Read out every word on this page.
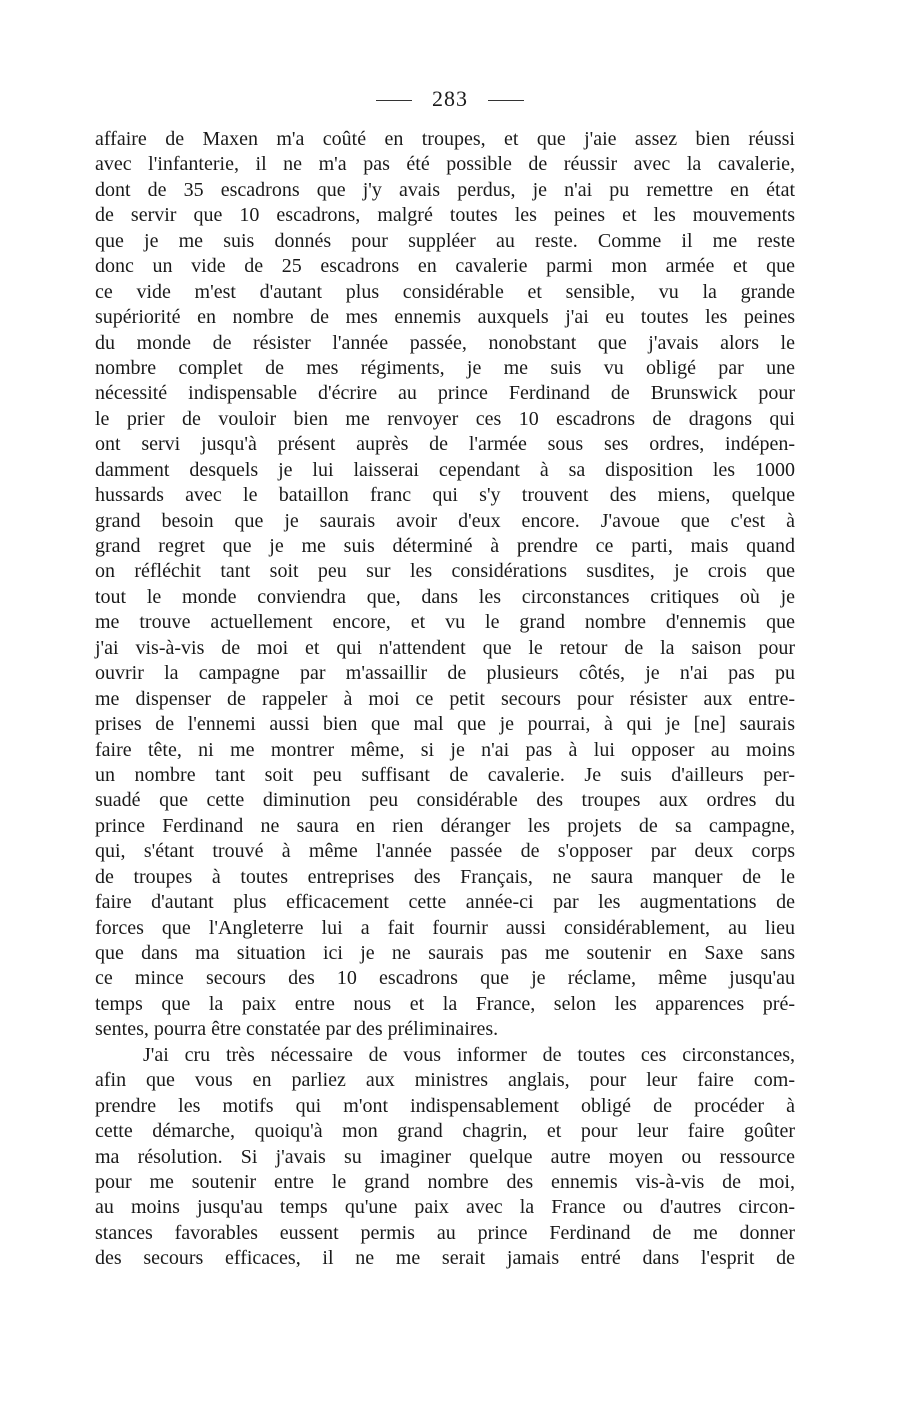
283
affaire de Maxen m'a coûté en troupes, et que j'aie assez bien réussi
avec l'infanterie, il ne m'a pas été possible de réussir avec la cavalerie,
dont de 35 escadrons que j'y avais perdus, je n'ai pu remettre en état
de servir que 10 escadrons, malgré toutes les peines et les mouvements
que je me suis donnés pour suppléer au reste. Comme il me reste
donc un vide de 25 escadrons en cavalerie parmi mon armée et que
ce vide m'est d'autant plus considérable et sensible, vu la grande
supériorité en nombre de mes ennemis auxquels j'ai eu toutes les peines
du monde de résister l'année passée, nonobstant que j'avais alors le
nombre complet de mes régiments, je me suis vu obligé par une
nécessité indispensable d'écrire au prince Ferdinand de Brunswick pour
le prier de vouloir bien me renvoyer ces 10 escadrons de dragons qui
ont servi jusqu'à présent auprès de l'armée sous ses ordres, indépen-
damment desquels je lui laisserai cependant à sa disposition les 1000
hussards avec le bataillon franc qui s'y trouvent des miens, quelque
grand besoin que je saurais avoir d'eux encore. J'avoue que c'est à
grand regret que je me suis déterminé à prendre ce parti, mais quand
on réfléchit tant soit peu sur les considérations susdites, je crois que
tout le monde conviendra que, dans les circonstances critiques où je
me trouve actuellement encore, et vu le grand nombre d'ennemis que
j'ai vis-à-vis de moi et qui n'attendent que le retour de la saison pour
ouvrir la campagne par m'assaillir de plusieurs côtés, je n'ai pas pu
me dispenser de rappeler à moi ce petit secours pour résister aux entre-
prises de l'ennemi aussi bien que mal que je pourrai, à qui je [ne] saurais
faire tête, ni me montrer même, si je n'ai pas à lui opposer au moins
un nombre tant soit peu suffisant de cavalerie. Je suis d'ailleurs per-
suadé que cette diminution peu considérable des troupes aux ordres du
prince Ferdinand ne saura en rien déranger les projets de sa campagne,
qui, s'étant trouvé à même l'année passée de s'opposer par deux corps
de troupes à toutes entreprises des Français, ne saura manquer de le
faire d'autant plus efficacement cette année-ci par les augmentations de
forces que l'Angleterre lui a fait fournir aussi considérablement, au lieu
que dans ma situation ici je ne saurais pas me soutenir en Saxe sans
ce mince secours des 10 escadrons que je réclame, même jusqu'au
temps que la paix entre nous et la France, selon les apparences pré-
sentes, pourra être constatée par des préliminaires.
J'ai cru très nécessaire de vous informer de toutes ces circonstances,
afin que vous en parliez aux ministres anglais, pour leur faire com-
prendre les motifs qui m'ont indispensablement obligé de procéder à
cette démarche, quoiqu'à mon grand chagrin, et pour leur faire goûter
ma résolution. Si j'avais su imaginer quelque autre moyen ou ressource
pour me soutenir entre le grand nombre des ennemis vis-à-vis de moi,
au moins jusqu'au temps qu'une paix avec la France ou d'autres circon-
stances favorables eussent permis au prince Ferdinand de me donner
des secours efficaces, il ne me serait jamais entré dans l'esprit de
